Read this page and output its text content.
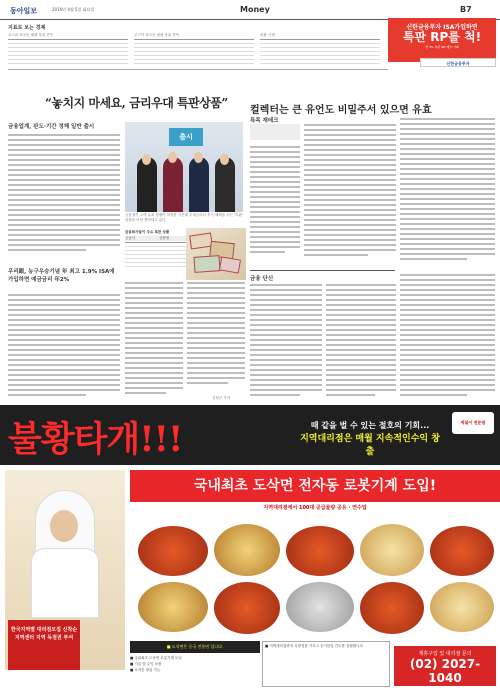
동아일보	2016년 4월 5일 화요일	Money	B7
신한금융투자 ISA가입하면
특판 RP를 척!
연 3% 특판 RP 매수 기회
신한금융투자
지표로 보는 경제
코스피 외국인 매매 상위 종목	코스닥 외국인 매매 상위 종목	외환 시세
“놓치지 마세요, 금리우대 특판상품”
금융업계, 판도·기간 정해 일반 출시
우리銀, 농구우승기념 年 최고 1.9% ISA에 가입하면 예금금리 年2%
출시
금융권이 고객 유치 경쟁이 치열한 가운데 우대금리나 추가 혜택을 주는 '특판' 상품을 다양 쏟아내고 있다.
금융회사들이 주요 특판 상품
금융사	상품명
김성규 기자
컬렉터는 큰 유언도 비밀주서 있으면 유효
특목 재테크
금융 단신
불황타개!!!	때 같을 벌 수 있는 절호의 기회...
지역대리점은 매월 지속적인수익 창출
떡볶이 전문점
한국지역별 대리점모집 신착순 지역센터 지역 독점권 부여
국내최초 도삭면 전자동 로봇기계 도입!
지역대리점에서 100대 공급물량 공유 · 연수업
■ 도삭면은 중국 전통면 입니다.
■ 국내최초 도삭면 로봇기계 도입
■ 기술 및 수익 보장
■ 소자본 창업 가능
■ 지역대리점까지 특장점을 가지고 공기한업 간수를 설립합니다
제휴구입 및 대리점 문의
(02) 2027-1040
